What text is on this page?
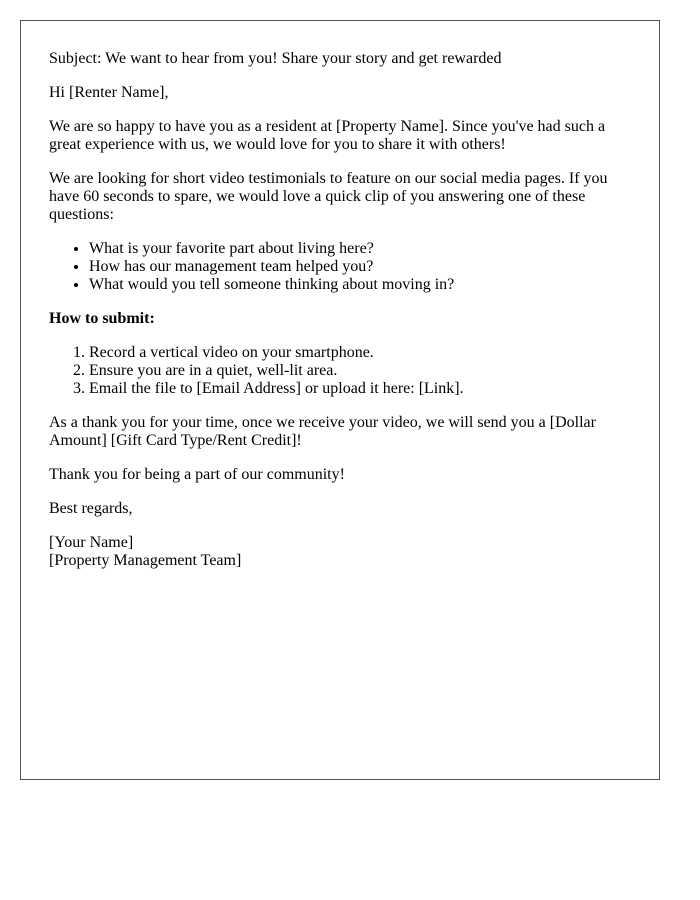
Subject: We want to hear from you! Share your story and get rewarded

Hi [Renter Name],

We are so happy to have you as a resident at [Property Name]. Since you've had such a great experience with us, we would love for you to share it with others!

We are looking for short video testimonials to feature on our social media pages. If you have 60 seconds to spare, we would love a quick clip of you answering one of these questions:

• What is your favorite part about living here?
• How has our management team helped you?
• What would you tell someone thinking about moving in?

How to submit:

1. Record a vertical video on your smartphone.
2. Ensure you are in a quiet, well-lit area.
3. Email the file to [Email Address] or upload it here: [Link].

As a thank you for your time, once we receive your video, we will send you a [Dollar Amount] [Gift Card Type/Rent Credit]!

Thank you for being a part of our community!

Best regards,

[Your Name]
[Property Management Team]
